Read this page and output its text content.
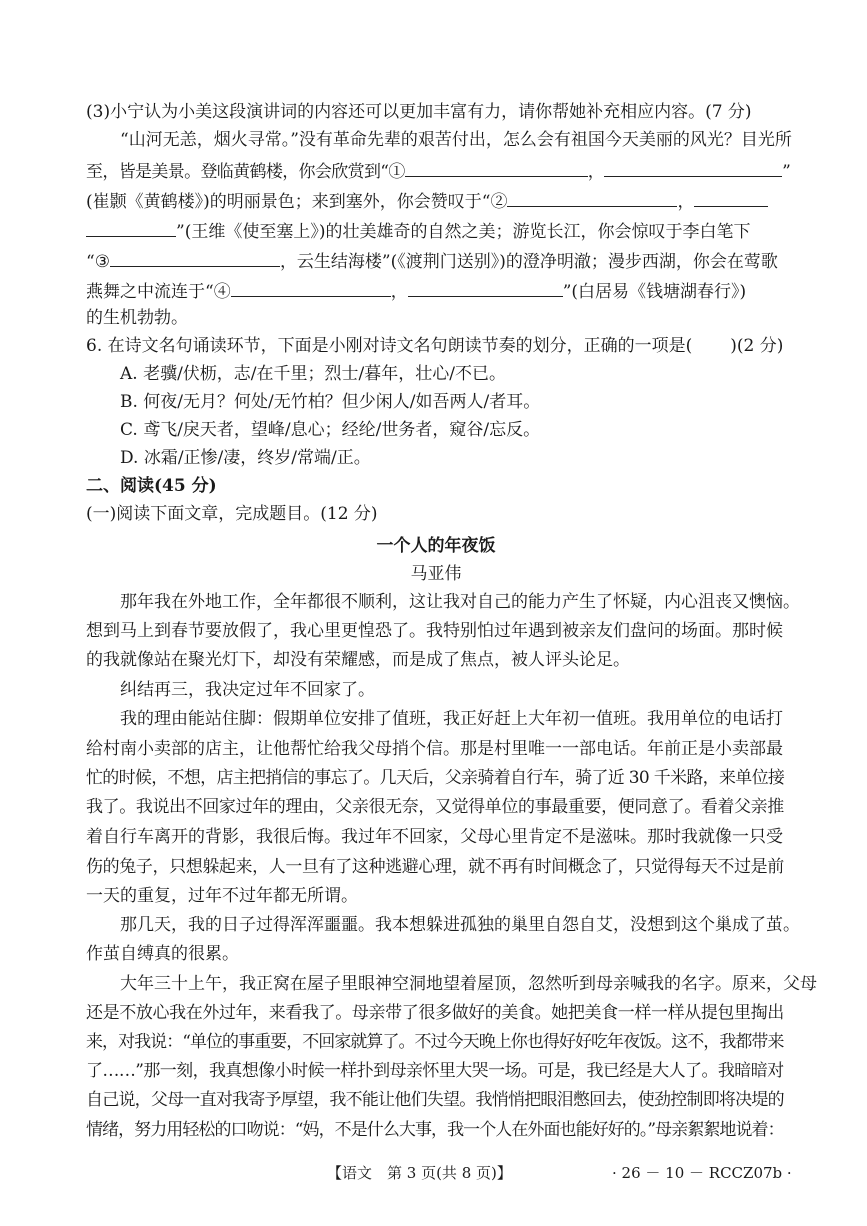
(3)小宁认为小美这段演讲词的内容还可以更加丰富有力，请你帮她补充相应内容。(7 分)
“山河无恙，烟火寻常。”没有革命先辈的艰苦付出，怎么会有祖国今天美丽的风光？目光所
至，皆是美景。登临黄鹤楼，你会欣赏到“①	，	”
(崔颢《黄鹤楼》)的明丽景色；来到塞外，你会赞叹于“②	，
”(王维《使至塞上》)的壮美雄奇的自然之美；游览长江，你会惊叹于李白笔下
“③	，云生结海楼”(《渡荆门送别》)的澄净明澈；漫步西湖，你会在莺歌
燕舞之中流连于“④	，	”(白居易《钱塘湖春行》)
的生机勃勃。
6. 在诗文名句诵读环节，下面是小刚对诗文名句朗读节奏的划分，正确的一项是( )(2 分)
A. 老骥/伏枥，志/在千里；烈士/暮年，壮心/不已。
B. 何夜/无月？何处/无竹柏？但少闲人/如吾两人/者耳。
C. 鸢飞/戾天者，望峰/息心；经纶/世务者，窥谷/忘反。
D. 冰霜/正惨/凄，终岁/常端/正。
二、阅读(45 分)
(一)阅读下面文章，完成题目。(12 分)
一个人的年夜饭
马亚伟
那年我在外地工作，全年都很不顺利，这让我对自己的能力产生了怀疑，内心沮丧又懊恼。
想到马上到春节要放假了，我心里更惶恐了。我特别怕过年遇到被亲友们盘问的场面。那时候
的我就像站在聚光灯下，却没有荣耀感，而是成了焦点，被人评头论足。
纠结再三，我决定过年不回家了。
我的理由能站住脚：假期单位安排了值班，我正好赶上大年初一值班。我用单位的电话打
给村南小卖部的店主，让他帮忙给我父母捎个信。那是村里唯一一部电话。年前正是小卖部最
忙的时候，不想，店主把捎信的事忘了。几天后，父亲骑着自行车，骑了近 30 千米路，来单位接
我了。我说出不回家过年的理由，父亲很无奈，又觉得单位的事最重要，便同意了。看着父亲推
着自行车离开的背影，我很后悔。我过年不回家，父母心里肯定不是滋味。那时我就像一只受
伤的兔子，只想躲起来，人一旦有了这种逃避心理，就不再有时间概念了，只觉得每天不过是前
一天的重复，过年不过年都无所谓。
那几天，我的日子过得浑浑噩噩。我本想躲进孤独的巢里自怨自艾，没想到这个巢成了茧。
作茧自缚真的很累。
大年三十上午，我正窝在屋子里眼神空洞地望着屋顶，忽然听到母亲喊我的名字。原来，父母
还是不放心我在外过年，来看我了。母亲带了很多做好的美食。她把美食一样一样从提包里掏出
来，对我说：“单位的事重要，不回家就算了。不过今天晚上你也得好好吃年夜饭。这不，我都带来
了……”那一刻，我真想像小时候一样扑到母亲怀里大哭一场。可是，我已经是大人了。我暗暗对
自己说，父母一直对我寄予厚望，我不能让他们失望。我悄悄把眼泪憋回去，使劲控制即将决堤的
情绪，努力用轻松的口吻说：“妈，不是什么大事，我一个人在外面也能好好的。”母亲絮絮地说着：
【语文　第 3 页(共 8 页)】	· 26 － 10 － RCCZ07b ·
